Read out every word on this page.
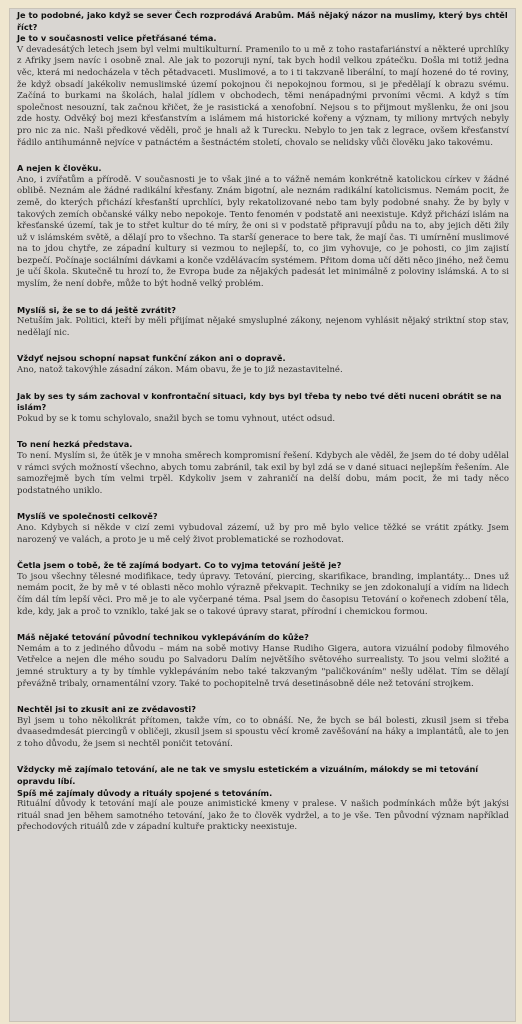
Je to podobné, jako když se sever Čech rozprodává Arabům. Máš nějaký názor na muslimy, který bys chtěl říct?
Je to v současnosti velice přetřásané téma.

V devadesátých letech jsem byl velmi multikulturní. Pramenilo to u mě z toho rastafariánství a některé uprchlíky z Afriky jsem navíc i osobně znal. Ale jak to pozoruji nyní, tak bych hodil velkou zpátečku. Došla mi totiž jedna věc, která mi nedocházela v těch pětadvaceti. Muslimové, a to i ti takzvaně liberální, to mají hozené do té roviny, že když obsadí jakékoliv nemuslimské území pokojnou či nepokojnou formou, si je předělají k obrazu svému. Začíná to burkami na školách, halal jídlem v obchodech, těmi nenápadnými prvoními věcmi. A když s tím společnost nesouzní, tak začnou křičet, že je rasistická a xenofobní. Nejsou s to přijmout myšlenku, že oni jsou zde hosty. Odvěký boj mezi křesťanstvím a islámem má historické kořeny a význam, ty miliony mrtvých nebyly pro nic za nic. Naši předkové věděli, proč je hnali až k Turecku. Nebylo to jen tak z legrace, ovšem křesťanství řádilo antihumánně nejvíce v patnáctém a šestnáctém století, chovalo se nelidsky vůči člověku jako takovému.

A nejen k člověku.

Ano, i zvířatům a přírodě. V současnosti je to však jiné a to vážně nemám konkrétně katolickou církev v žádné oblibě. Neznám ale žádné radikální křesťany. Znám bigotní, ale neznám radikální katolicismus. Nemám pocit, že země, do kterých přichází křesťanští uprchlíci, byly rekatolizované nebo tam byly podobné snahy. Že by byly v takových zemích občanské války nebo nepokoje. Tento fenomén v podstatě ani neexistuje. Když přichází islám na křesťanské území, tak je to střet kultur do té míry, že oni si v podstatě připravují půdu na to, aby jejich děti žily už v islámském světě, a dělají pro to všechno. Ta starší generace to bere tak, že mají čas. Ti umírnění muslimové na to jdou chytře, ze západní kultury si vezmou to nejlepší, to, co jim vyhovuje, co je pohosti, co jim zajistí bezpečí. Počínaje sociálními dávkami a konče vzdělávacím systémem. Přitom doma učí děti něco jiného, než čemu je učí škola. Skutečně tu hrozí to, že Evropa bude za nějakých padesát let minimálně z poloviny islámská. A to si myslím, že není dobře, může to být hodně velký problém.

Myslíš si, že se to dá ještě zvrátit?

Netuším jak. Politici, kteří by měli přijímat nějaké smysluplné zákony, nejenom vyhlásit nějaký striktní stop stav, nedělají nic.

Vždyť nejsou schopní napsat funkční zákon ani o dopravě.

Ano, natož takovýhle zásadní zákon. Mám obavu, že je to již nezastavitelné.

Jak by ses ty sám zachoval v konfrontační situaci, kdy bys byl třeba ty nebo tvé děti nuceni obrátit se na islám?

Pokud by se k tomu schylovalo, snažil bych se tomu vyhnout, utéct odsud.

To není hezká představa.

To není. Myslím si, že útěk je v mnoha směrech kompromisní řešení. Kdybych ale věděl, že jsem do té doby udělal v rámci svých možností všechno, abych tomu zabránil, tak exil by byl zdá se v dané situaci nejlepším řešením. Ale samozřejmě bych tím velmi trpěl. Kdykoliv jsem v zahraničí na delší dobu, mám pocit, že mi tady něco podstatného uniklo.

Myslíš ve společnosti celkově?

Ano. Kdybych si někde v cizí zemi vybudoval zázemí, už by pro mě bylo velice těžké se vrátit zpátky. Jsem narozený ve valách, a proto je u mě celý život problematické se rozhodovat.

Četla jsem o tobě, že tě zajímá bodyart. Co to vyjma tetování ještě je?

To jsou všechny tělesné modifikace, tedy úpravy. Tetování, piercing, skarifikace, branding, implantáty... Dnes už nemám pocit, že by mě v té oblasti něco mohlo výrazně překvapit. Techniky se jen zdokonalují a vidím na lidech čím dál tím lepší věci. Pro mě je to ale vyčerpané téma. Psal jsem do časopisu Tetování o kořenech zdobení těla, kde, kdy, jak a proč to vzniklo, také jak se o takové úpravy starat, přírodní i chemickou formou.

Máš nějaké tetování původní technikou vyklepáváním do kůže?

Nemám a to z jediného důvodu – mám na sobě motivy Hanse Rudiho Gigera, autora vizuální podoby filmového Vetřelce a nejen dle mého soudu po Salvadoru Dalím největšího světového surrealisty. To jsou velmi složité a jemné struktury a ty by tímhle vyklepáváním nebo také takzvaným "paličkováním" nešly udělat. Tím se dělají převážně tribaly, ornamentální vzory. Také to pochopitelně trvá desetinásobně déle než tetování strojkem.

Nechtěl jsi to zkusit ani ze zvědavosti?

Byl jsem u toho několikrát přítomen, takže vím, co to obnáší. Ne, že bych se bál bolesti, zkusil jsem si třeba dvaasedmdesát piercingů v obličeji, zkusil jsem si spoustu věcí kromě zavěšování na háky a implantátů, ale to jen z toho důvodu, že jsem si nechtěl poničit tetování.

Vždycky mě zajímalo tetování, ale ne tak ve smyslu estetickém a vizuálním, málokdy se mi tetování opravdu líbí.
Spíš mě zajímaly důvody a rituály spojené s tetováním.

Rituální důvody k tetování mají ale pouze animistické kmeny v pralese. V našich podmínkách může být jakýsi rituál snad jen během samotného tetování, jako že to člověk vydržel, a to je vše. Ten původní význam například přechodových rituálů zde v západní kultuře prakticky neexistuje.
